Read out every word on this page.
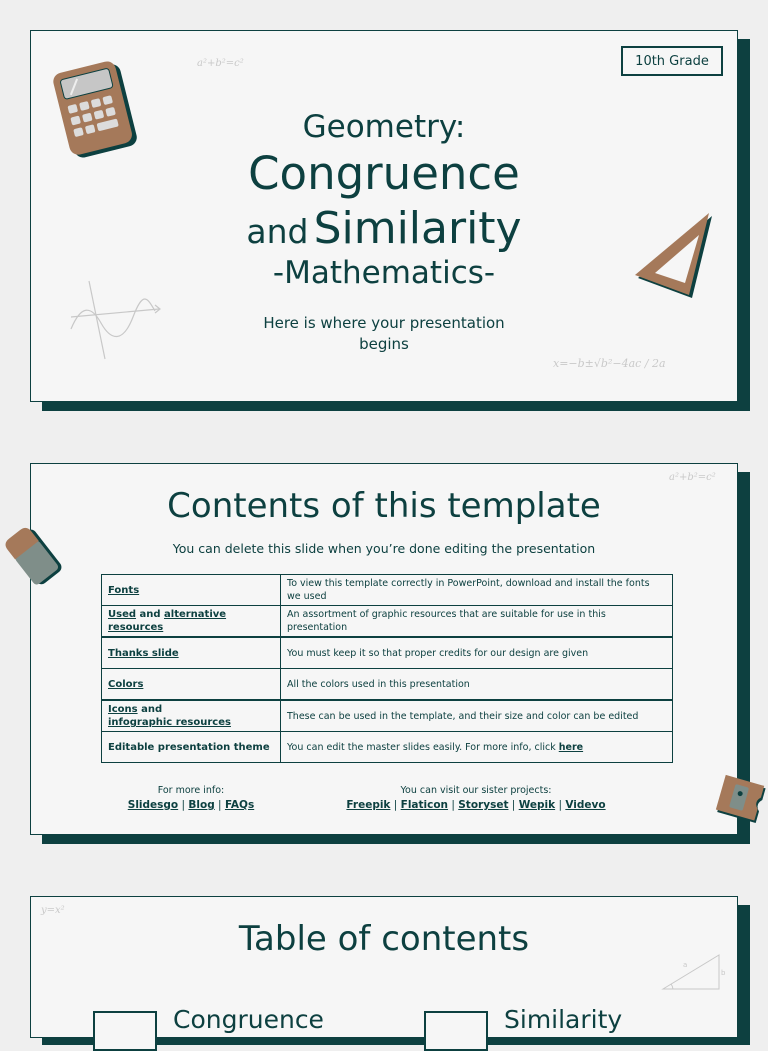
10th Grade
a²+b²=c²
x=−b±√b²−4ac / 2a
Geometry:
Congruence
and Similarity
-Mathematics-
Here is where your presentation
begins
a²+b²=c²
Contents of this template
You can delete this slide when you’re done editing the presentation
Fonts	To view this template correctly in PowerPoint, download and install the fonts we used
Used and alternative resources	An assortment of graphic resources that are suitable for use in this presentation
Thanks slide	You must keep it so that proper credits for our design are given
Colors	All the colors used in this presentation
Icons and
infographic resources	These can be used in the template, and their size and color can be edited
Editable presentation theme	You can edit the master slides easily. For more info, click here
For more info:
Slidesgo | Blog | FAQs
You can visit our sister projects:
Freepik | Flaticon | Storyset | Wepik | Videvo
y=x²
Table of contents
a
b
Congruence	Similarity
